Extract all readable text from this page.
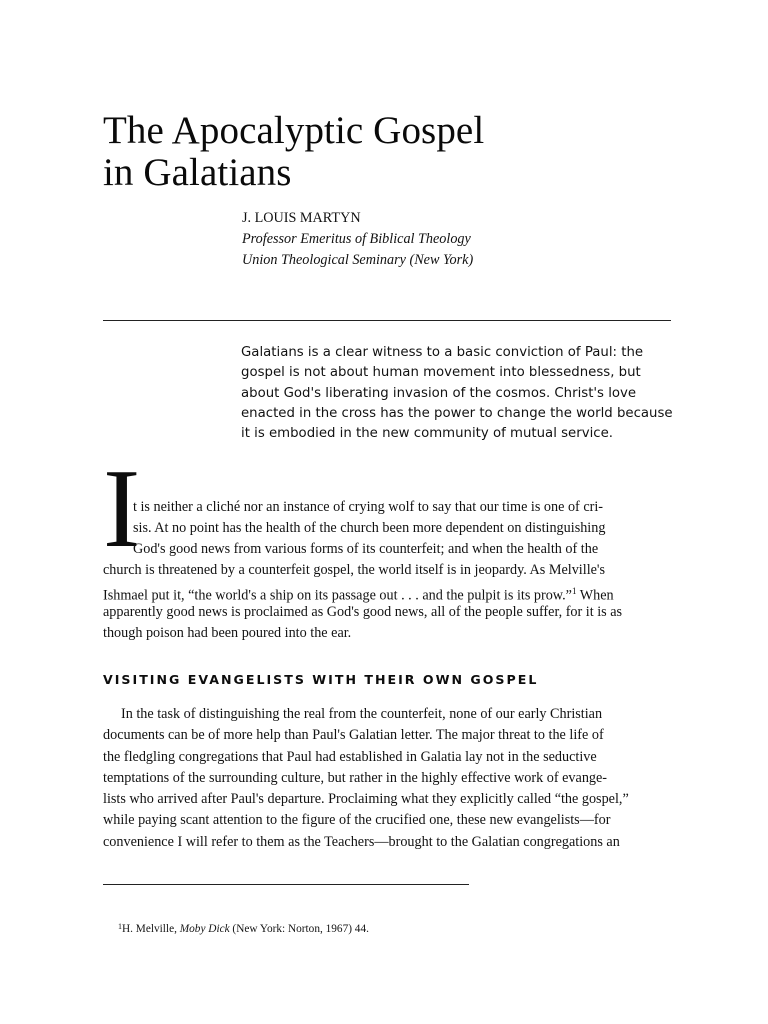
The Apocalyptic Gospel
in Galatians
J. LOUIS MARTYN
Professor Emeritus of Biblical Theology
Union Theological Seminary (New York)

Galatians is a clear witness to a basic conviction of Paul: the gospel is not about human movement into blessedness, but about God's liberating invasion of the cosmos. Christ's love enacted in the cross has the power to change the world because it is embodied in the new community of mutual service.

I
t is neither a cliché nor an instance of crying wolf to say that our time is one of cri-
sis. At no point has the health of the church been more dependent on distinguishing
God's good news from various forms of its counterfeit; and when the health of the
church is threatened by a counterfeit gospel, the world itself is in jeopardy. As Melville's
Ishmael put it, “the world's a ship on its passage out . . . and the pulpit is its prow.”$^1$ When
apparently good news is proclaimed as God's good news, all of the people suffer, for it is as
though poison had been poured into the ear.
VISITING EVANGELISTS WITH THEIR OWN GOSPEL
In the task of distinguishing the real from the counterfeit, none of our early Christian
documents can be of more help than Paul's Galatian letter. The major threat to the life of
the fledgling congregations that Paul had established in Galatia lay not in the seductive
temptations of the surrounding culture, but rather in the highly effective work of evange-
lists who arrived after Paul's departure. Proclaiming what they explicitly called “the gospel,”
while paying scant attention to the figure of the crucified one, these new evangelists—for
convenience I will refer to them as the Teachers—brought to the Galatian congregations an
$^1$H. Melville, Moby Dick (New York: Norton, 1967) 44.
